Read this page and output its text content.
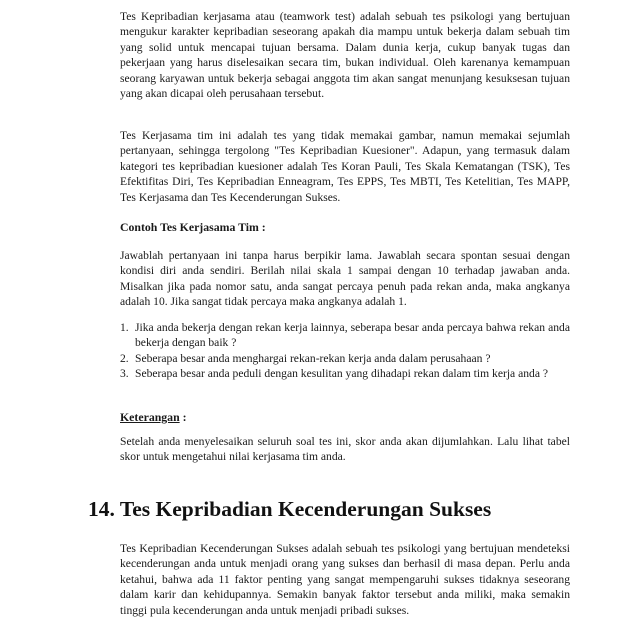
Tes Kepribadian kerjasama atau (teamwork test) adalah sebuah tes psikologi yang bertujuan mengukur karakter kepribadian seseorang apakah dia mampu untuk bekerja dalam sebuah tim yang solid untuk mencapai tujuan bersama. Dalam dunia kerja, cukup banyak tugas dan pekerjaan yang harus diselesaikan secara tim, bukan individual. Oleh karenanya kemampuan seorang karyawan untuk bekerja sebagai anggota tim akan sangat menunjang kesuksesan tujuan yang akan dicapai oleh perusahaan tersebut.

Tes Kerjasama tim ini adalah tes yang tidak memakai gambar, namun memakai sejumlah pertanyaan, sehingga tergolong "Tes Kepribadian Kuesioner". Adapun, yang termasuk dalam kategori tes kepribadian kuesioner adalah Tes Koran Pauli, Tes Skala Kematangan (TSK), Tes Efektifitas Diri, Tes Kepribadian Enneagram, Tes EPPS, Tes MBTI, Tes Ketelitian, Tes MAPP, Tes Kerjasama dan Tes Kecenderungan Sukses.

Contoh Tes Kerjasama Tim :

Jawablah pertanyaan ini tanpa harus berpikir lama. Jawablah secara spontan sesuai dengan kondisi diri anda sendiri. Berilah nilai skala 1 sampai dengan 10 terhadap jawaban anda. Misalkan jika pada nomor satu, anda sangat percaya penuh pada rekan anda, maka angkanya adalah 10. Jika sangat tidak percaya maka angkanya adalah 1.

1. Jika anda bekerja dengan rekan kerja lainnya, seberapa besar anda percaya bahwa rekan anda bekerja dengan baik ?
2. Seberapa besar anda menghargai rekan-rekan kerja anda dalam perusahaan ?
3. Seberapa besar anda peduli dengan kesulitan yang dihadapi rekan dalam tim kerja anda ?

Keterangan :

Setelah anda menyelesaikan seluruh soal tes ini, skor anda akan dijumlahkan. Lalu lihat tabel skor untuk mengetahui nilai kerjasama tim anda.

14. Tes Kepribadian Kecenderungan Sukses

Tes Kepribadian Kecenderungan Sukses adalah sebuah tes psikologi yang bertujuan mendeteksi kecenderungan anda untuk menjadi orang yang sukses dan berhasil di masa depan. Perlu anda ketahui, bahwa ada 11 faktor penting yang sangat mempengaruhi sukses tidaknya seseorang dalam karir dan kehidupannya. Semakin banyak faktor tersebut anda miliki, maka semakin tinggi pula kecenderungan anda untuk menjadi pribadi sukses.
